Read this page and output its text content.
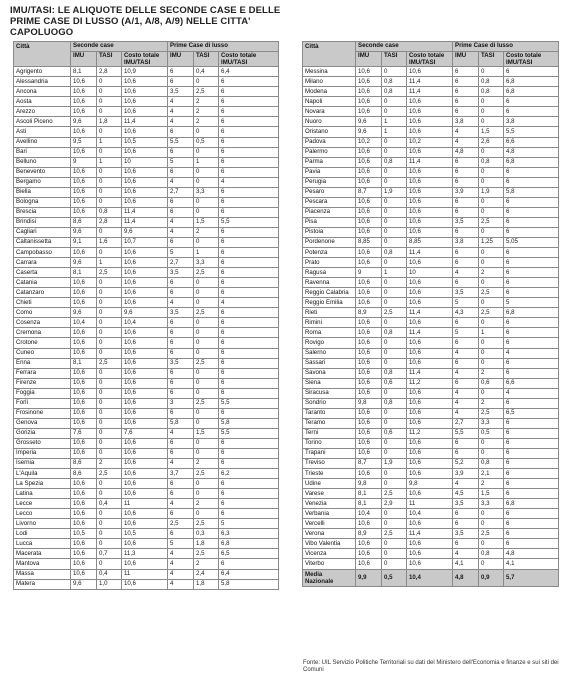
IMU/TASI: LE ALIQUOTE DELLE SECONDE CASE E DELLE PRIME CASE DI LUSSO (A/1, A/8, A/9) NELLE CITTA' CAPOLUOGO
Città	Seconde case			Prime Case di lusso		
	IMU	TASI	Costo totale
IMU/TASI	IMU	TASI	Costo totale
IMU/TASI

Agrigento	8,1	2,8	10,9	6	0,4	6,4
Alessandria	10,6	0	10,6	6	0	6
Ancona	10,6	0	10,6	3,5	2,5	6
Aosta	10,6	0	10,6	4	2	6
Arezzo	10,6	0	10,6	4	2	6
Ascoli Piceno	9,6	1,8	11,4	4	2	6
Asti	10,6	0	10,6	6	0	6
Avellino	9,5	1	10,5	5,5	0,5	6
Bari	10,6	0	10,6	6	0	6
Belluno	9	1	10	5	1	6
Benevento	10,6	0	10,6	6	0	6
Bergamo	10,6	0	10,6	4	0	4
Biella	10,6	0	10,6	2,7	3,3	6
Bologna	10,6	0	10,6	6	0	6
Brescia	10,6	0,8	11,4	6	0	6
Brindisi	8,6	2,8	11,4	4	1,5	5,5
Cagliari	9,6	0	9,6	4	2	6
Caltanissetta	9,1	1,6	10,7	6	0	6
Campobasso	10,6	0	10,6	5	1	6
Carrara	9,6	1	10,6	2,7	3,3	6
Caserta	8,1	2,5	10,6	3,5	2,5	6
Catania	10,6	0	10,6	6	0	6
Catanzaro	10,6	0	10,6	6	0	6
Chieti	10,6	0	10,6	4	0	4
Como	9,6	0	9,6	3,5	2,5	6
Cosenza	10,4	0	10,4	6	0	6
Cremona	10,6	0	10,6	6	0	6
Crotone	10,6	0	10,6	6	0	6
Cuneo	10,6	0	10,6	6	0	6
Enna	8,1	2,5	10,6	3,5	2,5	6
Ferrara	10,6	0	10,6	6	0	6
Firenze	10,6	0	10,6	6	0	6
Foggia	10,6	0	10,6	6	0	6
Forlì	10,6	0	10,6	3	2,5	5,5
Frosinone	10,6	0	10,6	6	0	6
Genova	10,6	0	10,6	5,8	0	5,8
Gorizia	7,6	0	7,6	4	1,5	5,5
Grosseto	10,6	0	10,6	6	0	6
Imperia	10,6	0	10,6	6	0	6
Isernia	8,6	2	10,6	4	2	6
L'Aquila	8,6	2,5	10,6	3,7	2,5	6,2
La Spezia	10,6	0	10,6	6	0	6
Latina	10,6	0	10,6	6	0	6
Lecce	10,6	0,4	11	4	2	6
Lecco	10,6	0	10,6	6	0	6
Livorno	10,6	0	10,6	2,5	2,5	5
Lodi	10,5	0	10,5	6	0,3	6,3
Lucca	10,6	0	10,6	5	1,8	6,8
Macerata	10,6	0,7	11,3	4	2,5	6,5
Mantova	10,6	0	10,6	4	2	6
Massa	10,6	0,4	11	4	2,4	6,4
Matera	9,6	1,0	10,6	4	1,8	5,8
Città	Seconde case			Prime Case di lusso		
	IMU	TASI	Costo totale
IMU/TASI	IMU	TASI	Costo totale
IMU/TASI

Messina	10,6	0	10,6	6	0	6
Milano	10,6	0,8	11,4	6	0,8	6,8
Modena	10,6	0,8	11,4	6	0,8	6,8
Napoli	10,6	0	10,6	6	0	6
Novara	10,6	0	10,6	6	0	6
Nuoro	9,6	1	10,6	3,8	0	3,8
Oristano	9,6	1	10,6	4	1,5	5,5
Padova	10,2	0	10,2	4	2,6	6,6
Palermo	10,6	0	10,6	4,8	0	4,8
Parma	10,6	0,8	11,4	6	0,8	6,8
Pavia	10,6	0	10,6	6	0	6
Perugia	10,6	0	10,6	6	0	6
Pesaro	8,7	1,9	10,6	3,9	1,9	5,8
Pescara	10,6	0	10,6	6	0	6
Piacenza	10,6	0	10,6	6	0	6
Pisa	10,6	0	10,6	3,5	2,5	6
Pistoia	10,6	0	10,6	6	0	6
Pordenone	8,85	0	8,85	3,8	1,25	5,05
Potenza	10,6	0,8	11,4	6	0	6
Prato	10,6	0	10,6	6	0	6
Ragusa	9	1	10	4	2	6
Ravenna	10,6	0	10,6	6	0	6
Reggio Calabria	10,6	0	10,6	3,5	2,5	6
Reggio Emilia	10,6	0	10,6	5	0	5
Rieti	8,9	2,5	11,4	4,3	2,5	6,8
Rimini	10,6	0	10,6	6	0	6
Roma	10,6	0,8	11,4	5	1	6
Rovigo	10,6	0	10,6	6	0	6
Salerno	10,6	0	10,6	4	0	4
Sassari	10,6	0	10,6	6	0	6
Savona	10,6	0,8	11,4	4	2	6
Siena	10,6	0,6	11,2	6	0,6	6,6
Siracusa	10,6	0	10,6	4	0	4
Sondrio	9,8	0,8	10,6	4	2	6
Taranto	10,6	0	10,6	4	2,5	6,5
Teramo	10,6	0	10,6	2,7	3,3	6
Terni	10,6	0,6	11,2	5,5	0,5	6
Torino	10,6	0	10,6	6	0	6
Trapani	10,6	0	10,6	6	0	6
Treviso	8,7	1,9	10,6	5,2	0,8	6
Trieste	10,6	0	10,6	3,9	2,1	6
Udine	9,8	0	9,8	4	2	6
Varese	8,1	2,5	10,6	4,5	1,5	6
Venezia	8,1	2,9	11	3,5	3,3	6,8
Verbania	10,4	0	10,4	6	0	6
Vercelli	10,6	0	10,6	6	0	6
Verona	8,9	2,5	11,4	3,5	2,5	6
Vibo Valentia	10,6	0	10,6	6	0	6
Vicenza	10,6	0	10,6	4	0,8	4,8
Viterbo	10,6	0	10,6	4,1	0	4,1

Media
Nazionale	9,9	0,5	10,4	4,8	0,9	5,7
Fonte: UIL Servizio Politiche Territoriali su dati del Ministero dell'Economia e finanze e sui siti dei Comuni
